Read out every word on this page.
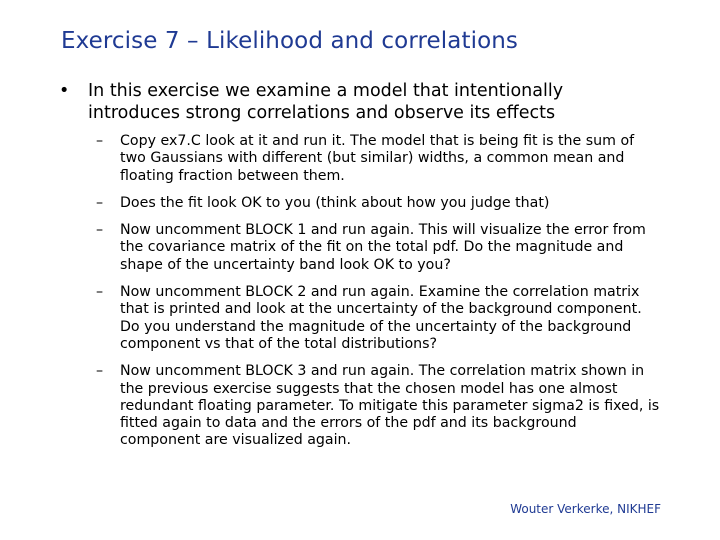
Exercise 7 – Likelihood and correlations
• In this exercise we examine a model that intentionally introduces strong correlations and observe its effects
– Copy ex7.C look at it and run it. The model that is being fit is the sum of two Gaussians with different (but similar) widths, a common mean and floating fraction between them.
– Does the fit look OK to you (think about how you judge that)
– Now uncomment BLOCK 1 and run again. This will visualize the error from the covariance matrix of the fit on the total pdf. Do the magnitude and shape of the uncertainty band look OK to you?
– Now uncomment BLOCK 2 and run again. Examine the correlation matrix that is printed and look at the uncertainty of the background component. Do you understand the magnitude of the uncertainty of the background component vs that of the total distributions?
– Now uncomment BLOCK 3 and run again. The correlation matrix shown in the previous exercise suggests that the chosen model has one almost redundant floating parameter. To mitigate this parameter sigma2 is fixed, is fitted again to data and the errors of the pdf and its background component are visualized again.
Wouter Verkerke, NIKHEF
